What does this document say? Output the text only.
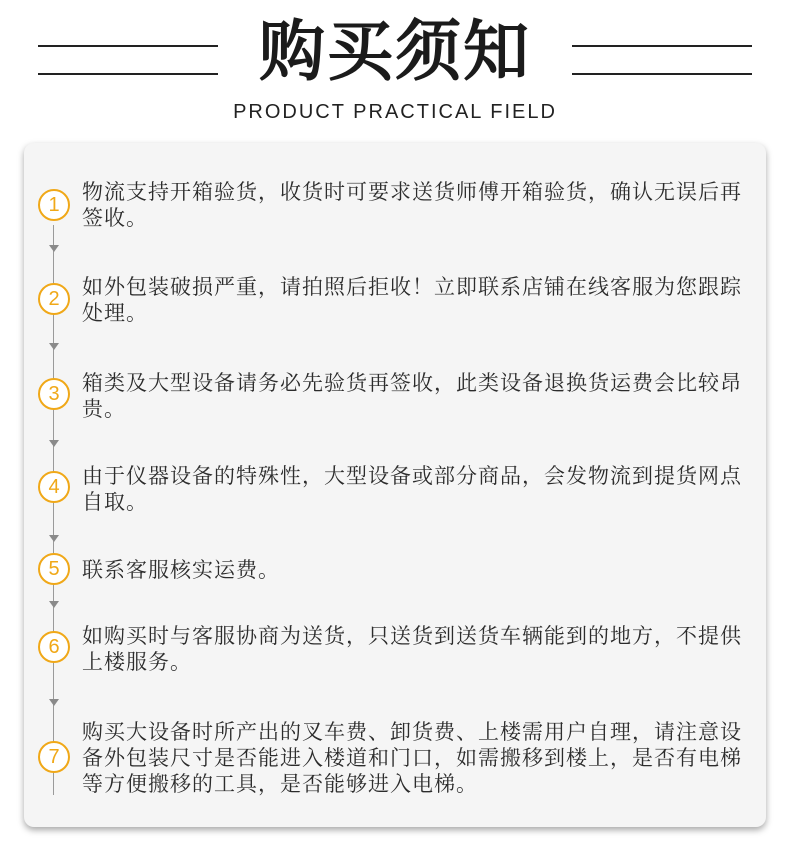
购买须知
PRODUCT PRACTICAL FIELD
1
物流支持开箱验货，收货时可要求送货师傅开箱验货，确认无误后再签收。
2	如外包装破损严重，请拍照后拒收！立即联系店铺在线客服为您跟踪处理。
3	箱类及大型设备请务必先验货再签收，此类设备退换货运费会比较昂贵。
4	由于仪器设备的特殊性，大型设备或部分商品，会发物流到提货网点自取。
5	联系客服核实运费。
6	如购买时与客服协商为送货，只送货到送货车辆能到的地方，不提供上楼服务。
7
购买大设备时所产出的叉车费、卸货费、上楼需用户自理，请注意设备外包装尺寸是否能进入楼道和门口，如需搬移到楼上，是否有电梯等方便搬移的工具，是否能够进入电梯。
